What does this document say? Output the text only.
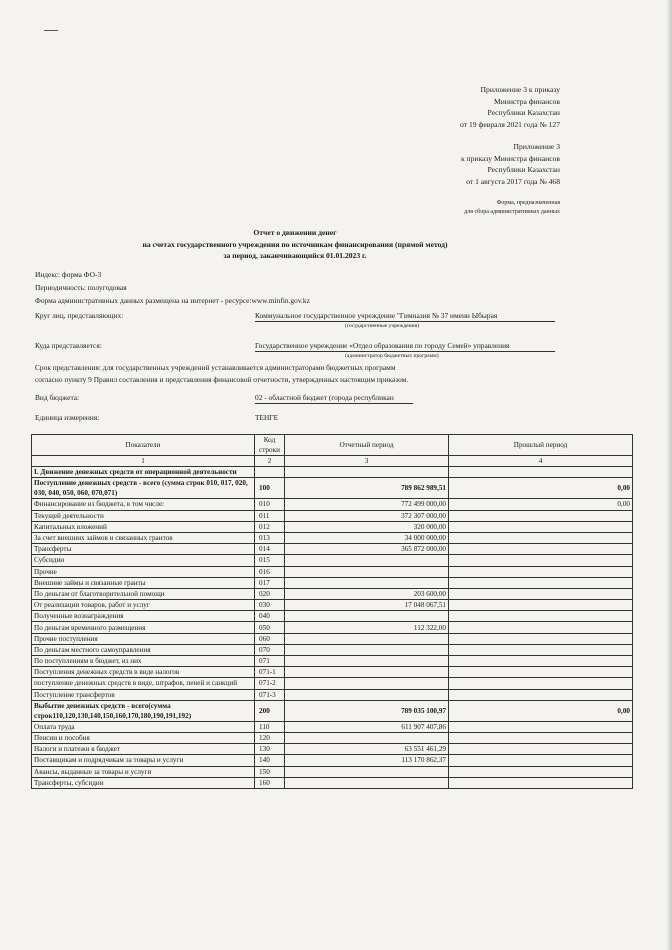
Приложение 3 к приказу
Министра финансов
Республики Казахстан
от 19 февраля 2021 года № 127
Приложение 3
к приказу Министра финансов
Республики Казахстан
от 1 августа 2017 года № 468
Форма, предназначенная
для сбора административных данных
Отчет о движении денег
на счетах государственного учреждения по источникам финансирования (прямой метод)
за период, заканчивающийся 01.01.2023 г.
Индекс: форма ФО-3
Периодичность: полугодовая
Форма административных данных размещена на интернет - ресурсе:www.minfin.gov.kz
Круг лиц, представляющих:	Коммунальное государственное учреждение "Гимназия № 37 имени Ыбырая
(государственные учреждения)
Куда представляется:	Государственное учреждение «Отдел образования по городу Семей» управления
(администратор бюджетных программ)
Срок представления: для государственных учреждений устанавливается администраторами бюджетных программ
согласно пункту 9 Правил составления и представления финансовой отчетности, утвержденных настоящим приказом.
Вид бюджета:	02 - областной бюджет (города республикан
Единица измерения:	ТЕНГЕ
Показатели	Код строки	Отчетный период	Прошлый период
1	2	3	4
I. Движение денежных средств от операционной деятельности			
Поступление денежных средств - всего (сумма строк 010, 017, 020, 030, 040, 050, 060, 070,071)	100	789 862 989,51	0,00
Финансирование из бюджета, в том числе:	010	772 499 000,00	0,00
Текущей деятельности	011	372 307 000,00	
Капитальных вложений	012	320 000,00	
За счет внешних займов и связанных грантов	013	34 000 000,00	
Трансферты	014	365 872 000,00	
Субсидии	015		
Прочие	016		
Внешние займы и связанные гранты	017		
По деньгам от благотворительной помощи	020	203 600,00	
От реализации товаров, работ и услуг	030	17 048 067,51	
Полученные вознаграждения	040		
По деньгам временного размещения	050	112 322,00	
Прочие поступления	060		
По деньгам местного самоуправления	070		
По поступлениям в бюджет, из них	071		
Поступления денежных средств в виде налогов	071-1		
поступление денежных средств в виде, штрафов, пеней и санкций	071-2		
Поступление трансфертов	071-3		
Выбытие денежных средств - всего(сумма строк110,120,130,140,150,160,170,180,190,191,192)	200	789 035 100,97	0,00
Оплата труда	110	611 907 407,86	
Пенсии и пособия	120		
Налоги и платежи в бюджет	130	63 551 461,29	
Поставщикам и подрядчикам за товары и услуги	140	113 170 862,37	
Авансы, выданные за товары и услуги	150		
Трансферты, субсидии	160		
